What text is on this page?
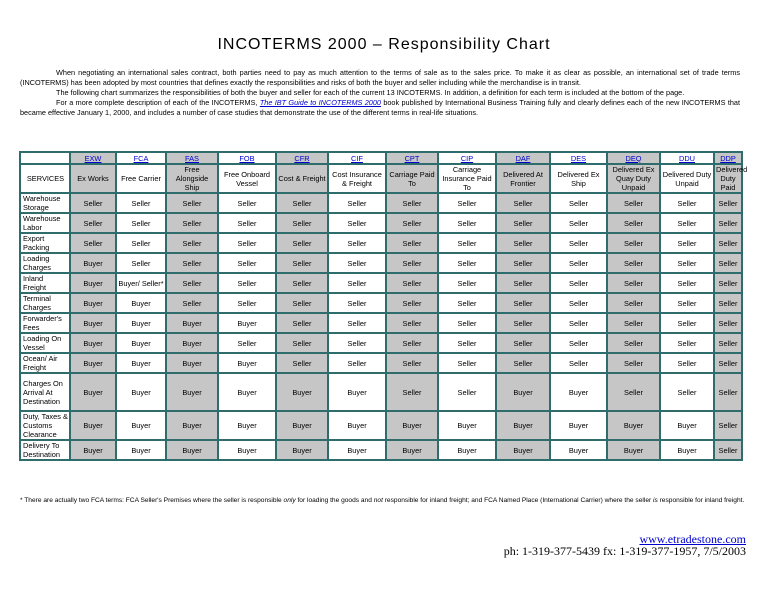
INCOTERMS 2000 – Responsibility Chart

When negotiating an international sales contract, both parties need to pay as much attention to the terms of sale as to the sales price. To make it as clear as possible, an international set of trade terms (INCOTERMS) has been adopted by most countries that defines exactly the responsibilities and risks of both the buyer and seller including while the merchandise is in transit.

The following chart summarizes the responsibilities of both the buyer and seller for each of the current 13 INCOTERMS. In addition, a definition for each term is included at the bottom of the page.

For a more complete description of each of the INCOTERMS, The IBT Guide to INCOTERMS 2000 book published by International Business Training fully and clearly defines each of the new INCOTERMS that became effective January 1, 2000, and includes a number of case studies that demonstrate the use of the different terms in real-life situations.

	EXW	FCA	FAS	FOB	CFR	CIF	CPT	CIP	DAF	DES	DEQ	DDU	DDP
SERVICES	Ex Works	Free Carrier	Free Alongside Ship	Free Onboard Vessel	Cost & Freight	Cost Insurance & Freight	Carriage Paid To	Carriage Insurance Paid To	Delivered At Frontier	Delivered Ex Ship	Delivered Ex Quay Duty Unpaid	Delivered Duty Unpaid	Delivered Duty Paid
Warehouse Storage	Seller	Seller	Seller	Seller	Seller	Seller	Seller	Seller	Seller	Seller	Seller	Seller	Seller
Warehouse Labor	Seller	Seller	Seller	Seller	Seller	Seller	Seller	Seller	Seller	Seller	Seller	Seller	Seller
Export Packing	Seller	Seller	Seller	Seller	Seller	Seller	Seller	Seller	Seller	Seller	Seller	Seller	Seller
Loading Charges	Buyer	Seller	Seller	Seller	Seller	Seller	Seller	Seller	Seller	Seller	Seller	Seller	Seller
Inland Freight	Buyer	Buyer/ Seller*	Seller	Seller	Seller	Seller	Seller	Seller	Seller	Seller	Seller	Seller	Seller
Terminal Charges	Buyer	Buyer	Seller	Seller	Seller	Seller	Seller	Seller	Seller	Seller	Seller	Seller	Seller
Forwarder's Fees	Buyer	Buyer	Buyer	Buyer	Seller	Seller	Seller	Seller	Seller	Seller	Seller	Seller	Seller
Loading On Vessel	Buyer	Buyer	Buyer	Seller	Seller	Seller	Seller	Seller	Seller	Seller	Seller	Seller	Seller
Ocean/ Air Freight	Buyer	Buyer	Buyer	Buyer	Seller	Seller	Seller	Seller	Seller	Seller	Seller	Seller	Seller
Charges On Arrival At Destination	Buyer	Buyer	Buyer	Buyer	Buyer	Buyer	Seller	Seller	Buyer	Buyer	Seller	Seller	Seller
Duty, Taxes & Customs Clearance	Buyer	Buyer	Buyer	Buyer	Buyer	Buyer	Buyer	Buyer	Buyer	Buyer	Buyer	Buyer	Seller
Delivery To Destination	Buyer	Buyer	Buyer	Buyer	Buyer	Buyer	Buyer	Buyer	Buyer	Buyer	Buyer	Buyer	Seller
* There are actually two FCA terms: FCA Seller's Premises where the seller is responsible only for loading the goods and not responsible for inland freight; and FCA Named Place (International Carrier) where the seller is responsible for inland freight.
www.etradestone.com
ph: 1-319-377-5439 fx: 1-319-377-1957, 7/5/2003
